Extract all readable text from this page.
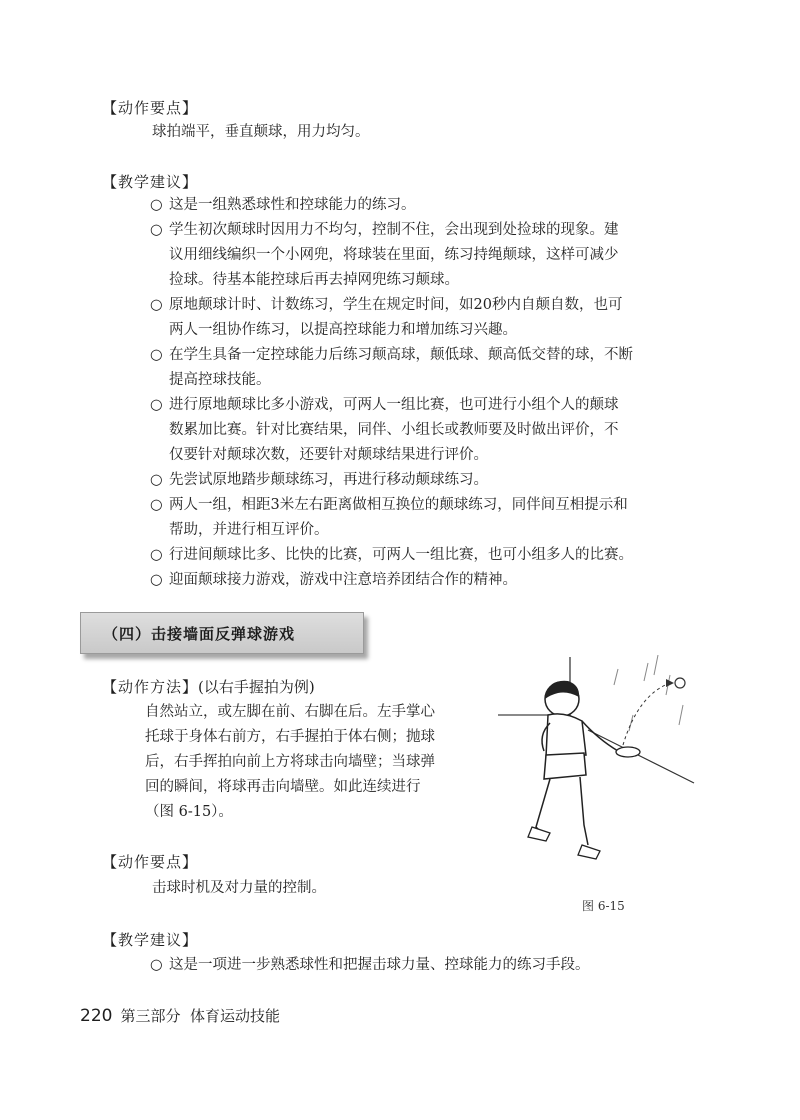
【动作要点】
球拍端平，垂直颠球，用力均匀。
【教学建议】
○ 这是一组熟悉球性和控球能力的练习。
○ 学生初次颠球时因用力不均匀，控制不住，会出现到处捡球的现象。建
议用细线编织一个小网兜，将球装在里面，练习持绳颠球，这样可减少
捡球。待基本能控球后再去掉网兜练习颠球。
○ 原地颠球计时、计数练习，学生在规定时间，如20秒内自颠自数，也可
两人一组协作练习，以提高控球能力和增加练习兴趣。
○ 在学生具备一定控球能力后练习颠高球，颠低球、颠高低交替的球，不断
提高控球技能。
○ 进行原地颠球比多小游戏，可两人一组比赛，也可进行小组个人的颠球
数累加比赛。针对比赛结果，同伴、小组长或教师要及时做出评价，不
仅要针对颠球次数，还要针对颠球结果进行评价。
○ 先尝试原地踏步颠球练习，再进行移动颠球练习。
○ 两人一组，相距3米左右距离做相互换位的颠球练习，同伴间互相提示和
帮助，并进行相互评价。
○ 行进间颠球比多、比快的比赛，可两人一组比赛，也可小组多人的比赛。
○ 迎面颠球接力游戏，游戏中注意培养团结合作的精神。
（四）击接墙面反弹球游戏
【动作方法】(以右手握拍为例)
自然站立，或左脚在前、右脚在后。左手掌心
托球于身体右前方，右手握拍于体右侧；抛球
后，右手挥拍向前上方将球击向墙壁；当球弹
回的瞬间，将球再击向墙壁。如此连续进行
（图 6-15）。
图 6-15
【动作要点】
击球时机及对力量的控制。
【教学建议】
○ 这是一项进一步熟悉球性和把握击球力量、控球能力的练习手段。
220 第三部分 体育运动技能
